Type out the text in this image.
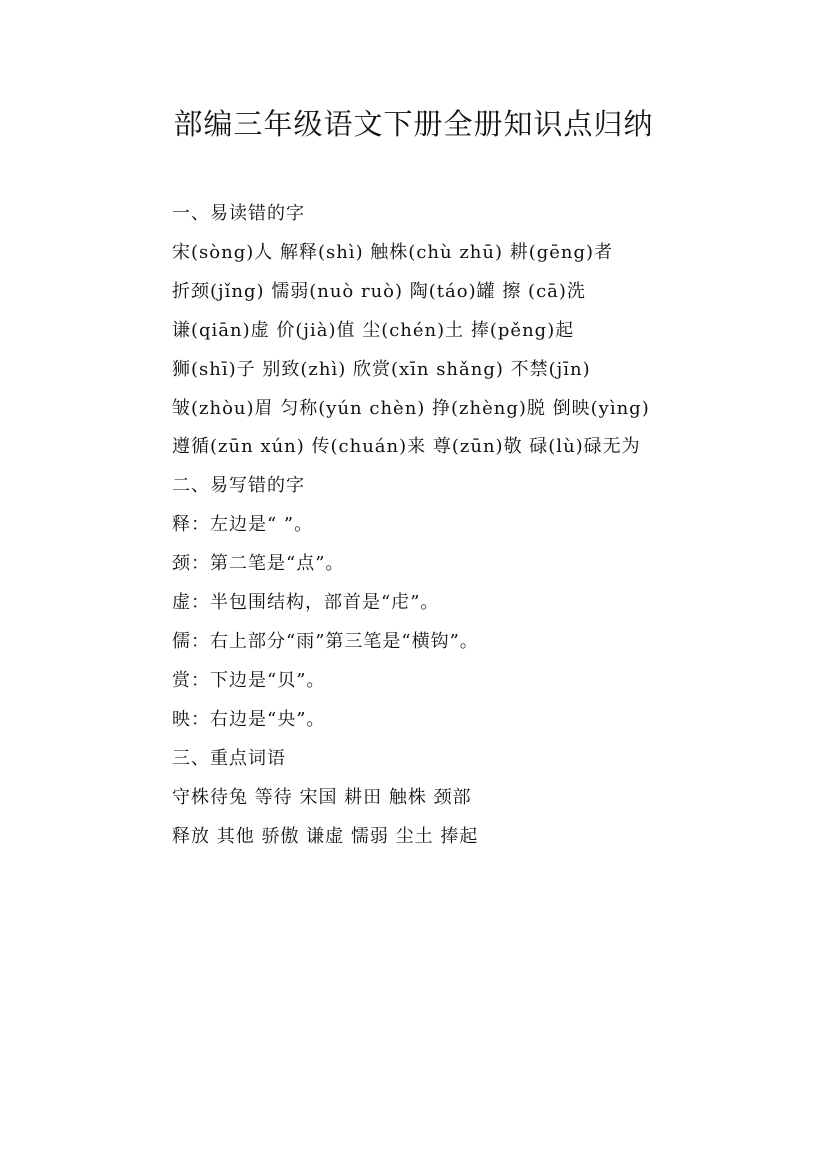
部编三年级语文下册全册知识点归纳

一、易读错的字

宋(sòng)人 解释(shì) 触株(chù zhū) 耕(gēng)者

折颈(jǐng) 懦弱(nuò ruò) 陶(táo)罐 擦 (cā)洗

谦(qiān)虚 价(jià)值 尘(chén)土 捧(pěng)起

狮(shī)子 别致(zhì) 欣赏(xīn shǎng) 不禁(jīn)

皱(zhòu)眉 匀称(yún chèn) 挣(zhèng)脱 倒映(yìng)

遵循(zūn xún) 传(chuán)来 尊(zūn)敬 碌(lù)碌无为

二、易写错的字

释：左边是“ ”。

颈：第二笔是“点”。

虚：半包围结构，部首是“虍”。

儒：右上部分“雨”第三笔是“横钩”。

赏：下边是“贝”。

映：右边是“央”。

三、重点词语

守株待兔 等待 宋国 耕田 触株 颈部

释放 其他 骄傲 谦虚 懦弱 尘土 捧起
